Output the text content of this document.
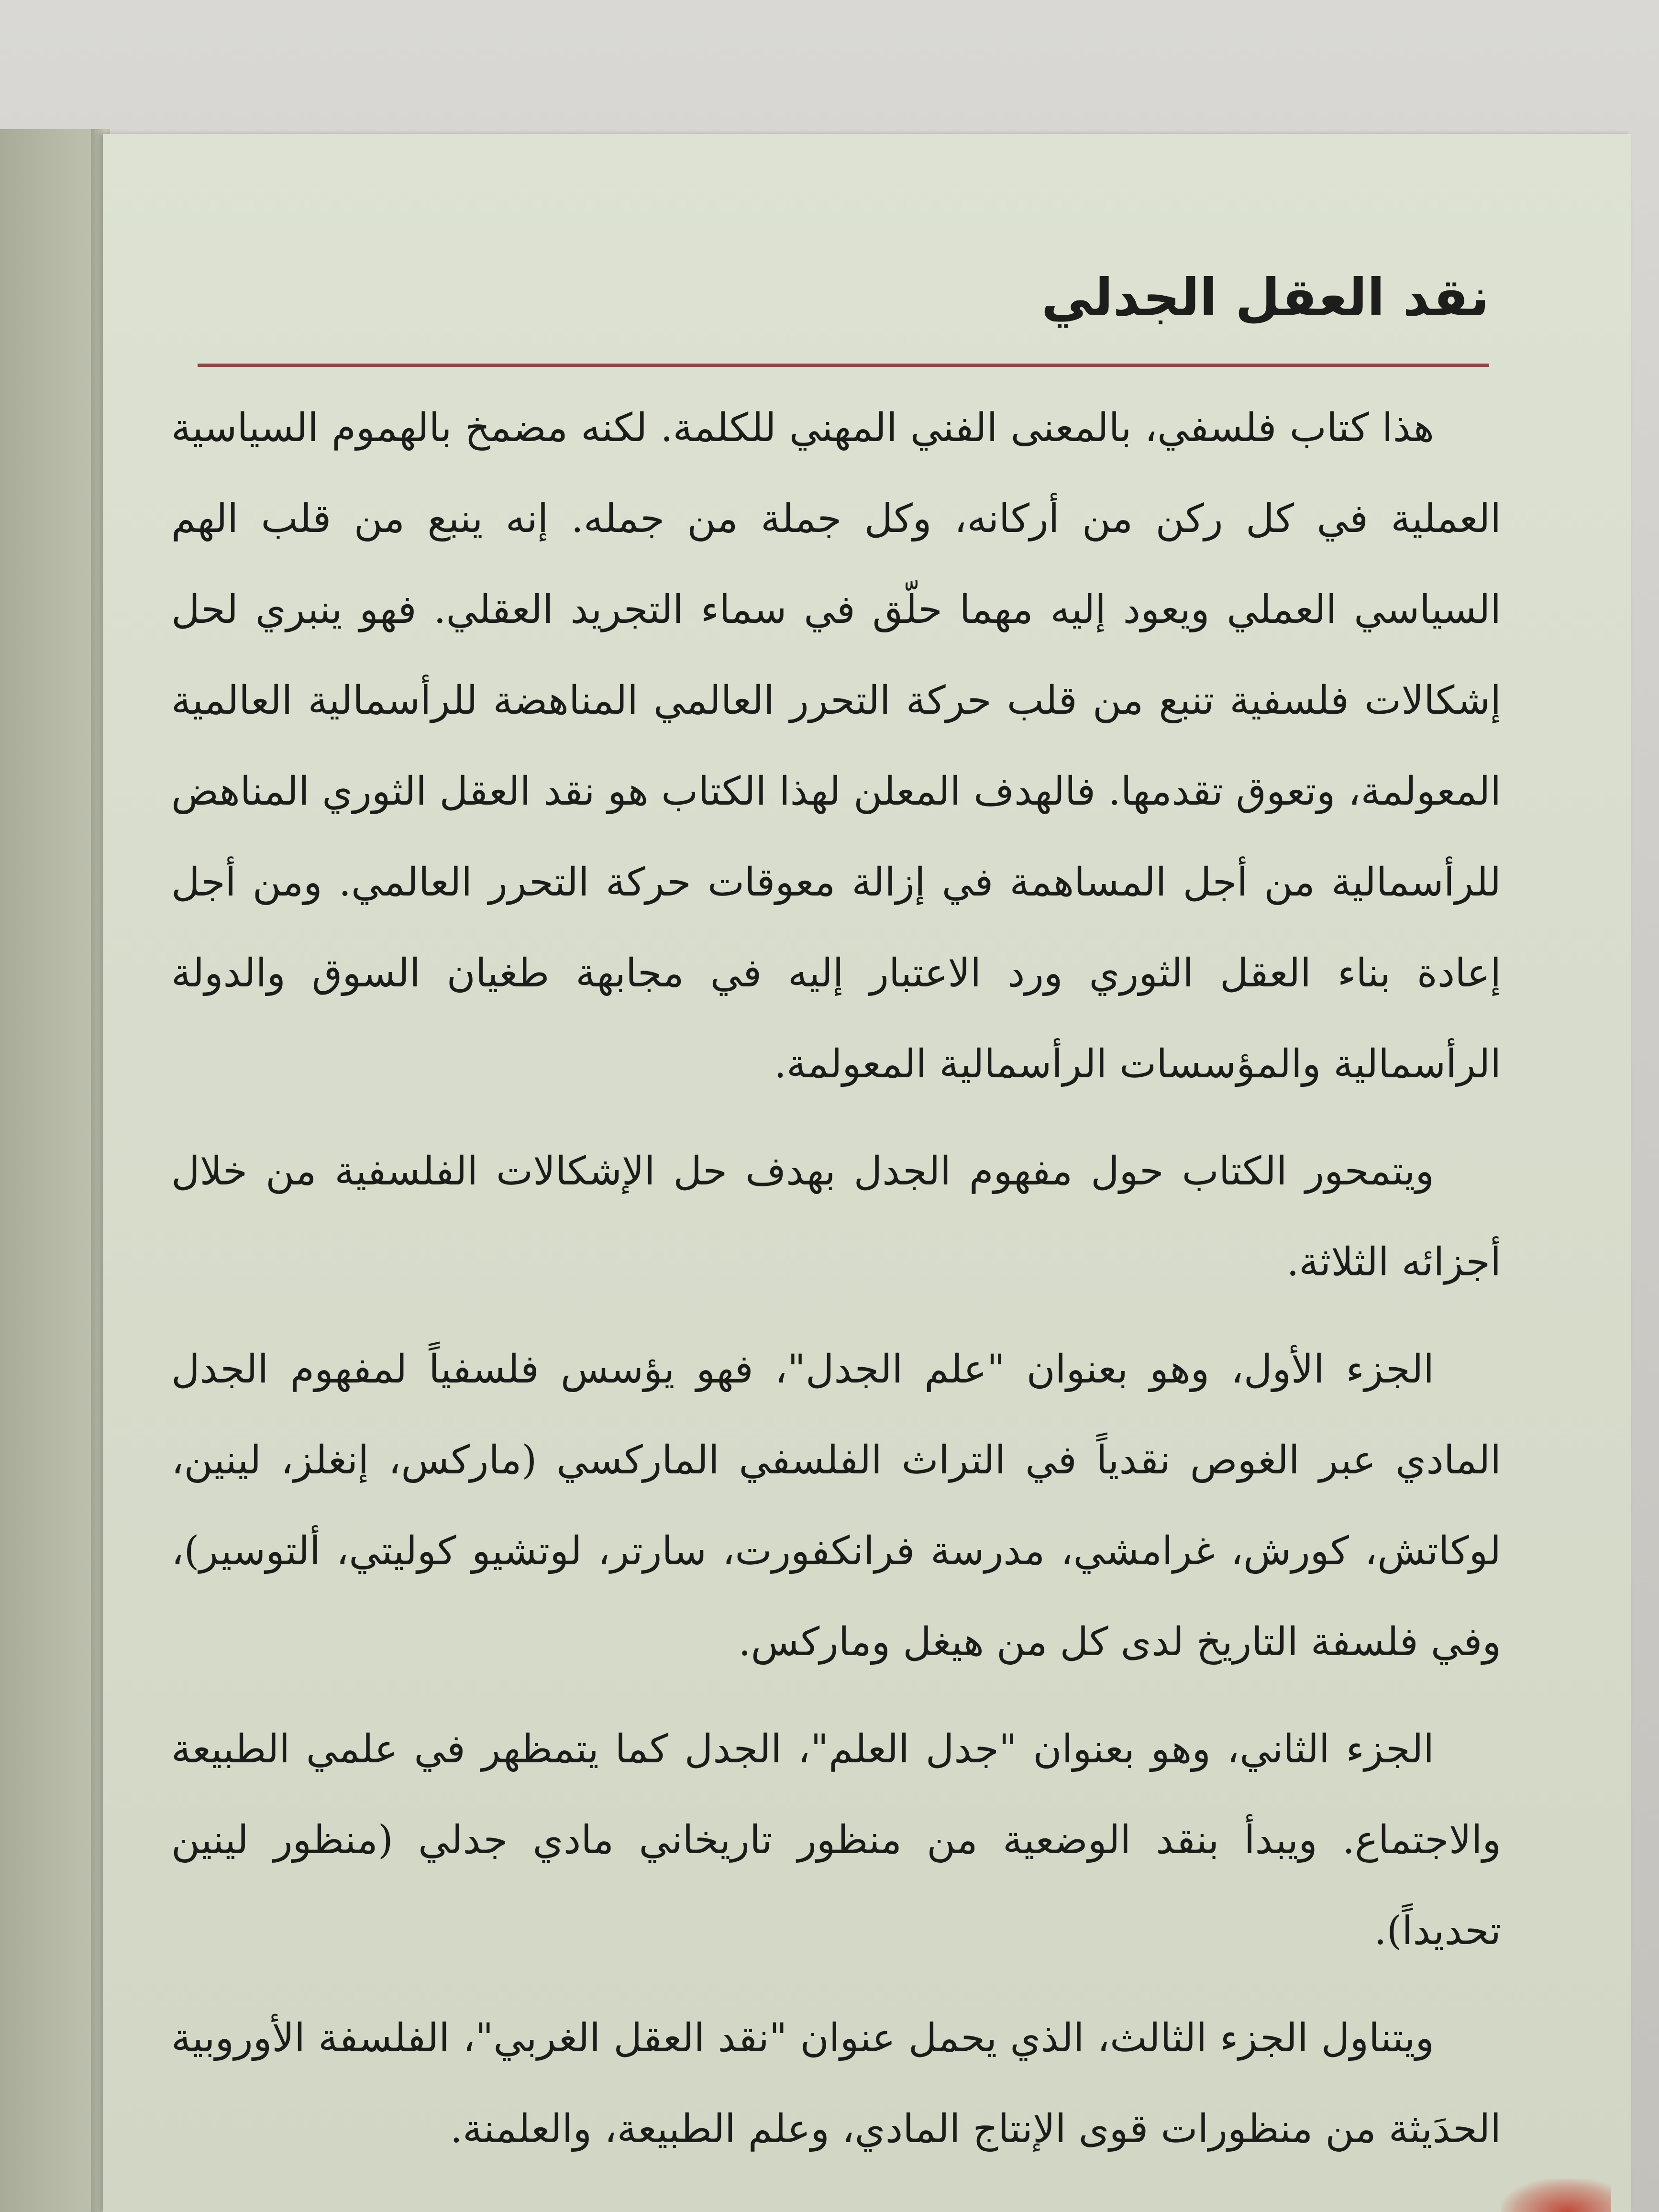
نقد العقل الجدلي

هذا كتاب فلسفي، بالمعنى الفني المهني للكلمة. لكنه مضمخ بالهموم السياسية العملية في كل ركن من أركانه، وكل جملة من جمله. إنه ينبع من قلب الهم السياسي العملي ويعود إليه مهما حلّق في سماء التجريد العقلي. فهو ينبري لحل إشكالات فلسفية تنبع من قلب حركة التحرر العالمي المناهضة للرأسمالية العالمية المعولمة، وتعوق تقدمها. فالهدف المعلن لهذا الكتاب هو نقد العقل الثوري المناهض للرأسمالية من أجل المساهمة في إزالة معوقات حركة التحرر العالمي. ومن أجل إعادة بناء العقل الثوري ورد الاعتبار إليه في مجابهة طغيان السوق والدولة الرأسمالية والمؤسسات الرأسمالية المعولمة.

ويتمحور الكتاب حول مفهوم الجدل بهدف حل الإشكالات الفلسفية من خلال أجزائه الثلاثة.

الجزء الأول، وهو بعنوان "علم الجدل"، فهو يؤسس فلسفياً لمفهوم الجدل المادي عبر الغوص نقدياً في التراث الفلسفي الماركسي (ماركس، إنغلز، لينين، لوكاتش، كورش، غرامشي، مدرسة فرانكفورت، سارتر، لوتشيو كوليتي، ألتوسير)، وفي فلسفة التاريخ لدى كل من هيغل وماركس.

الجزء الثاني، وهو بعنوان "جدل العلم"، الجدل كما يتمظهر في علمي الطبيعة والاجتماع. ويبدأ بنقد الوضعية من منظور تاريخاني مادي جدلي (منظور لينين تحديداً).

ويتناول الجزء الثالث، الذي يحمل عنوان "نقد العقل الغربي"، الفلسفة الأوروبية الحدَيثة من منظورات قوى الإنتاج المادي، وعلم الطبيعة، والعلمنة.
